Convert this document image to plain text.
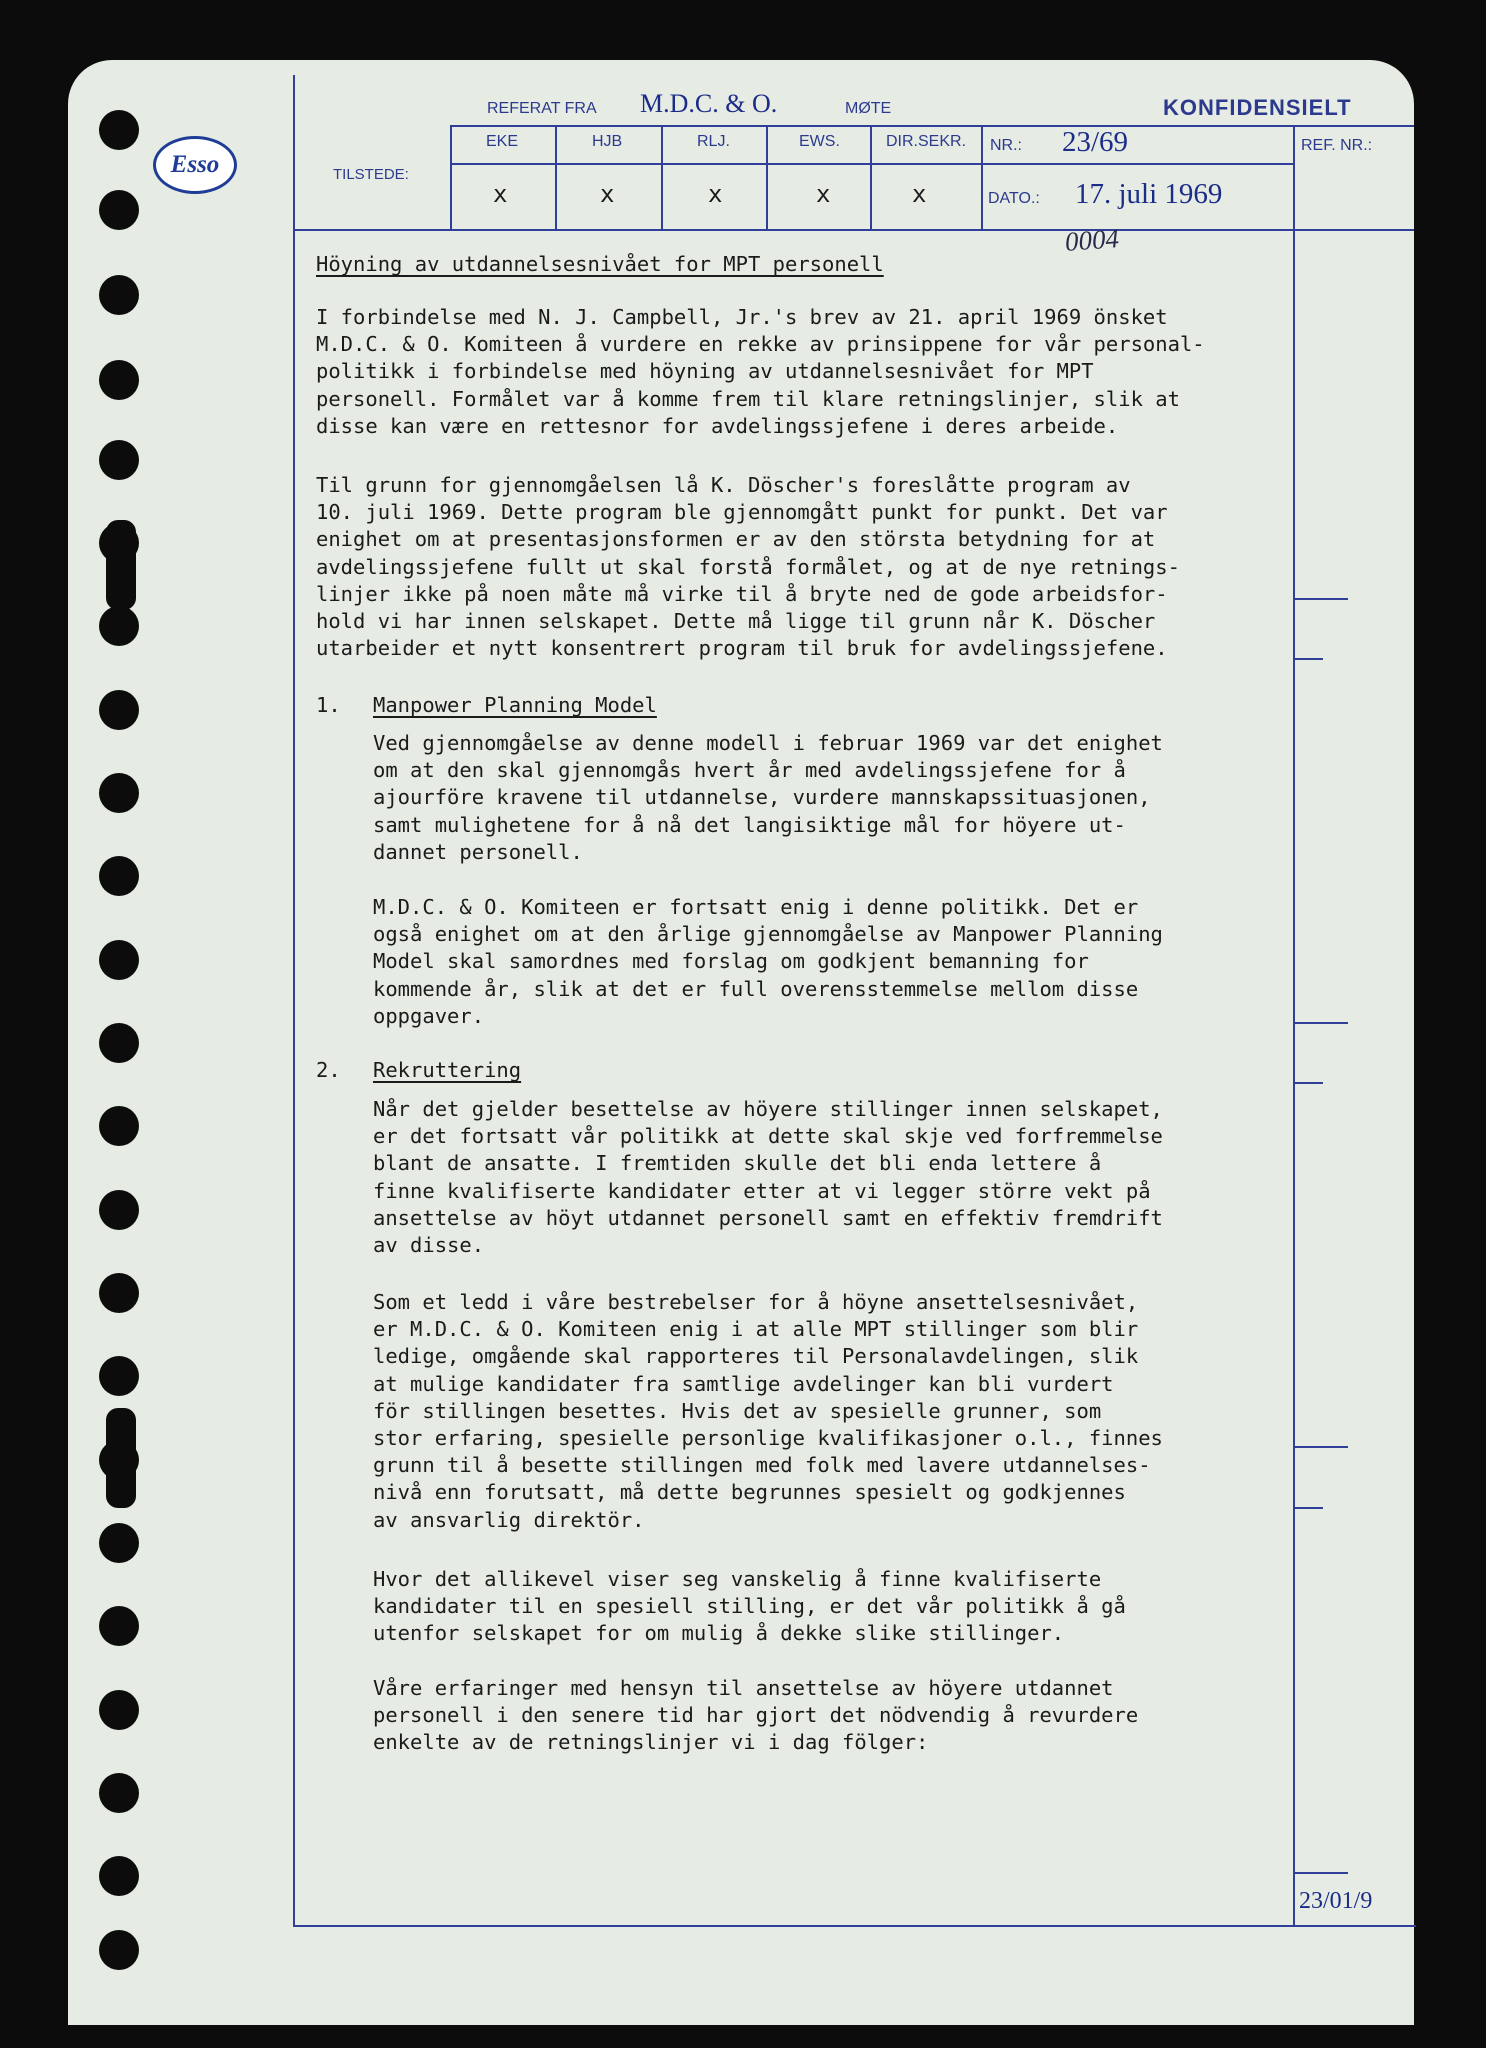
Esso
REFERAT FRA M.D.C. & O.	MØTE	KONFIDENSIELT
TILSTEDE:
EKE	HJB	RLJ.	EWS.	DIR.SEKR.
x	x	x	x	x
NR.: 23/69
DATO.: 17. juli 1969
REF. NR.:
0004
Höyning av utdannelsesnivået for MPT personell

I forbindelse med N. J. Campbell, Jr.'s brev av 21. april 1969 önsket
M.D.C. & O. Komiteen å vurdere en rekke av prinsippene for vår personal-
politikk i forbindelse med höyning av utdannelsesnivået for MPT
personell. Formålet var å komme frem til klare retningslinjer, slik at
disse kan være en rettesnor for avdelingssjefene i deres arbeide.

Til grunn for gjennomgåelsen lå K. Döscher's foreslåtte program av
10. juli 1969. Dette program ble gjennomgått punkt for punkt. Det var
enighet om at presentasjonsformen er av den största betydning for at
avdelingssjefene fullt ut skal forstå formålet, og at de nye retnings-
linjer ikke på noen måte må virke til å bryte ned de gode arbeidsfor-
hold vi har innen selskapet. Dette må ligge til grunn når K. Döscher
utarbeider et nytt konsentrert program til bruk for avdelingssjefene.

1. Manpower Planning Model

Ved gjennomgåelse av denne modell i februar 1969 var det enighet
om at den skal gjennomgås hvert år med avdelingssjefene for å
ajourföre kravene til utdannelse, vurdere mannskapssituasjonen,
samt mulighetene for å nå det langisiktige mål for höyere ut-
dannet personell.

M.D.C. & O. Komiteen er fortsatt enig i denne politikk. Det er
også enighet om at den årlige gjennomgåelse av Manpower Planning
Model skal samordnes med forslag om godkjent bemanning for
kommende år, slik at det er full overensstemmelse mellom disse
oppgaver.

2. Rekruttering

Når det gjelder besettelse av höyere stillinger innen selskapet,
er det fortsatt vår politikk at dette skal skje ved forfremmelse
blant de ansatte. I fremtiden skulle det bli enda lettere å
finne kvalifiserte kandidater etter at vi legger större vekt på
ansettelse av höyt utdannet personell samt en effektiv fremdrift
av disse.

Som et ledd i våre bestrebelser for å höyne ansettelsesnivået,
er M.D.C. & O. Komiteen enig i at alle MPT stillinger som blir
ledige, omgående skal rapporteres til Personalavdelingen, slik
at mulige kandidater fra samtlige avdelinger kan bli vurdert
för stillingen besettes. Hvis det av spesielle grunner, som
stor erfaring, spesielle personlige kvalifikasjoner o.l., finnes
grunn til å besette stillingen med folk med lavere utdannelses-
nivå enn forutsatt, må dette begrunnes spesielt og godkjennes
av ansvarlig direktör.

Hvor det allikevel viser seg vanskelig å finne kvalifiserte
kandidater til en spesiell stilling, er det vår politikk å gå
utenfor selskapet for om mulig å dekke slike stillinger.

Våre erfaringer med hensyn til ansettelse av höyere utdannet
personell i den senere tid har gjort det nödvendig å revurdere
enkelte av de retningslinjer vi i dag fölger:

23/01/9
